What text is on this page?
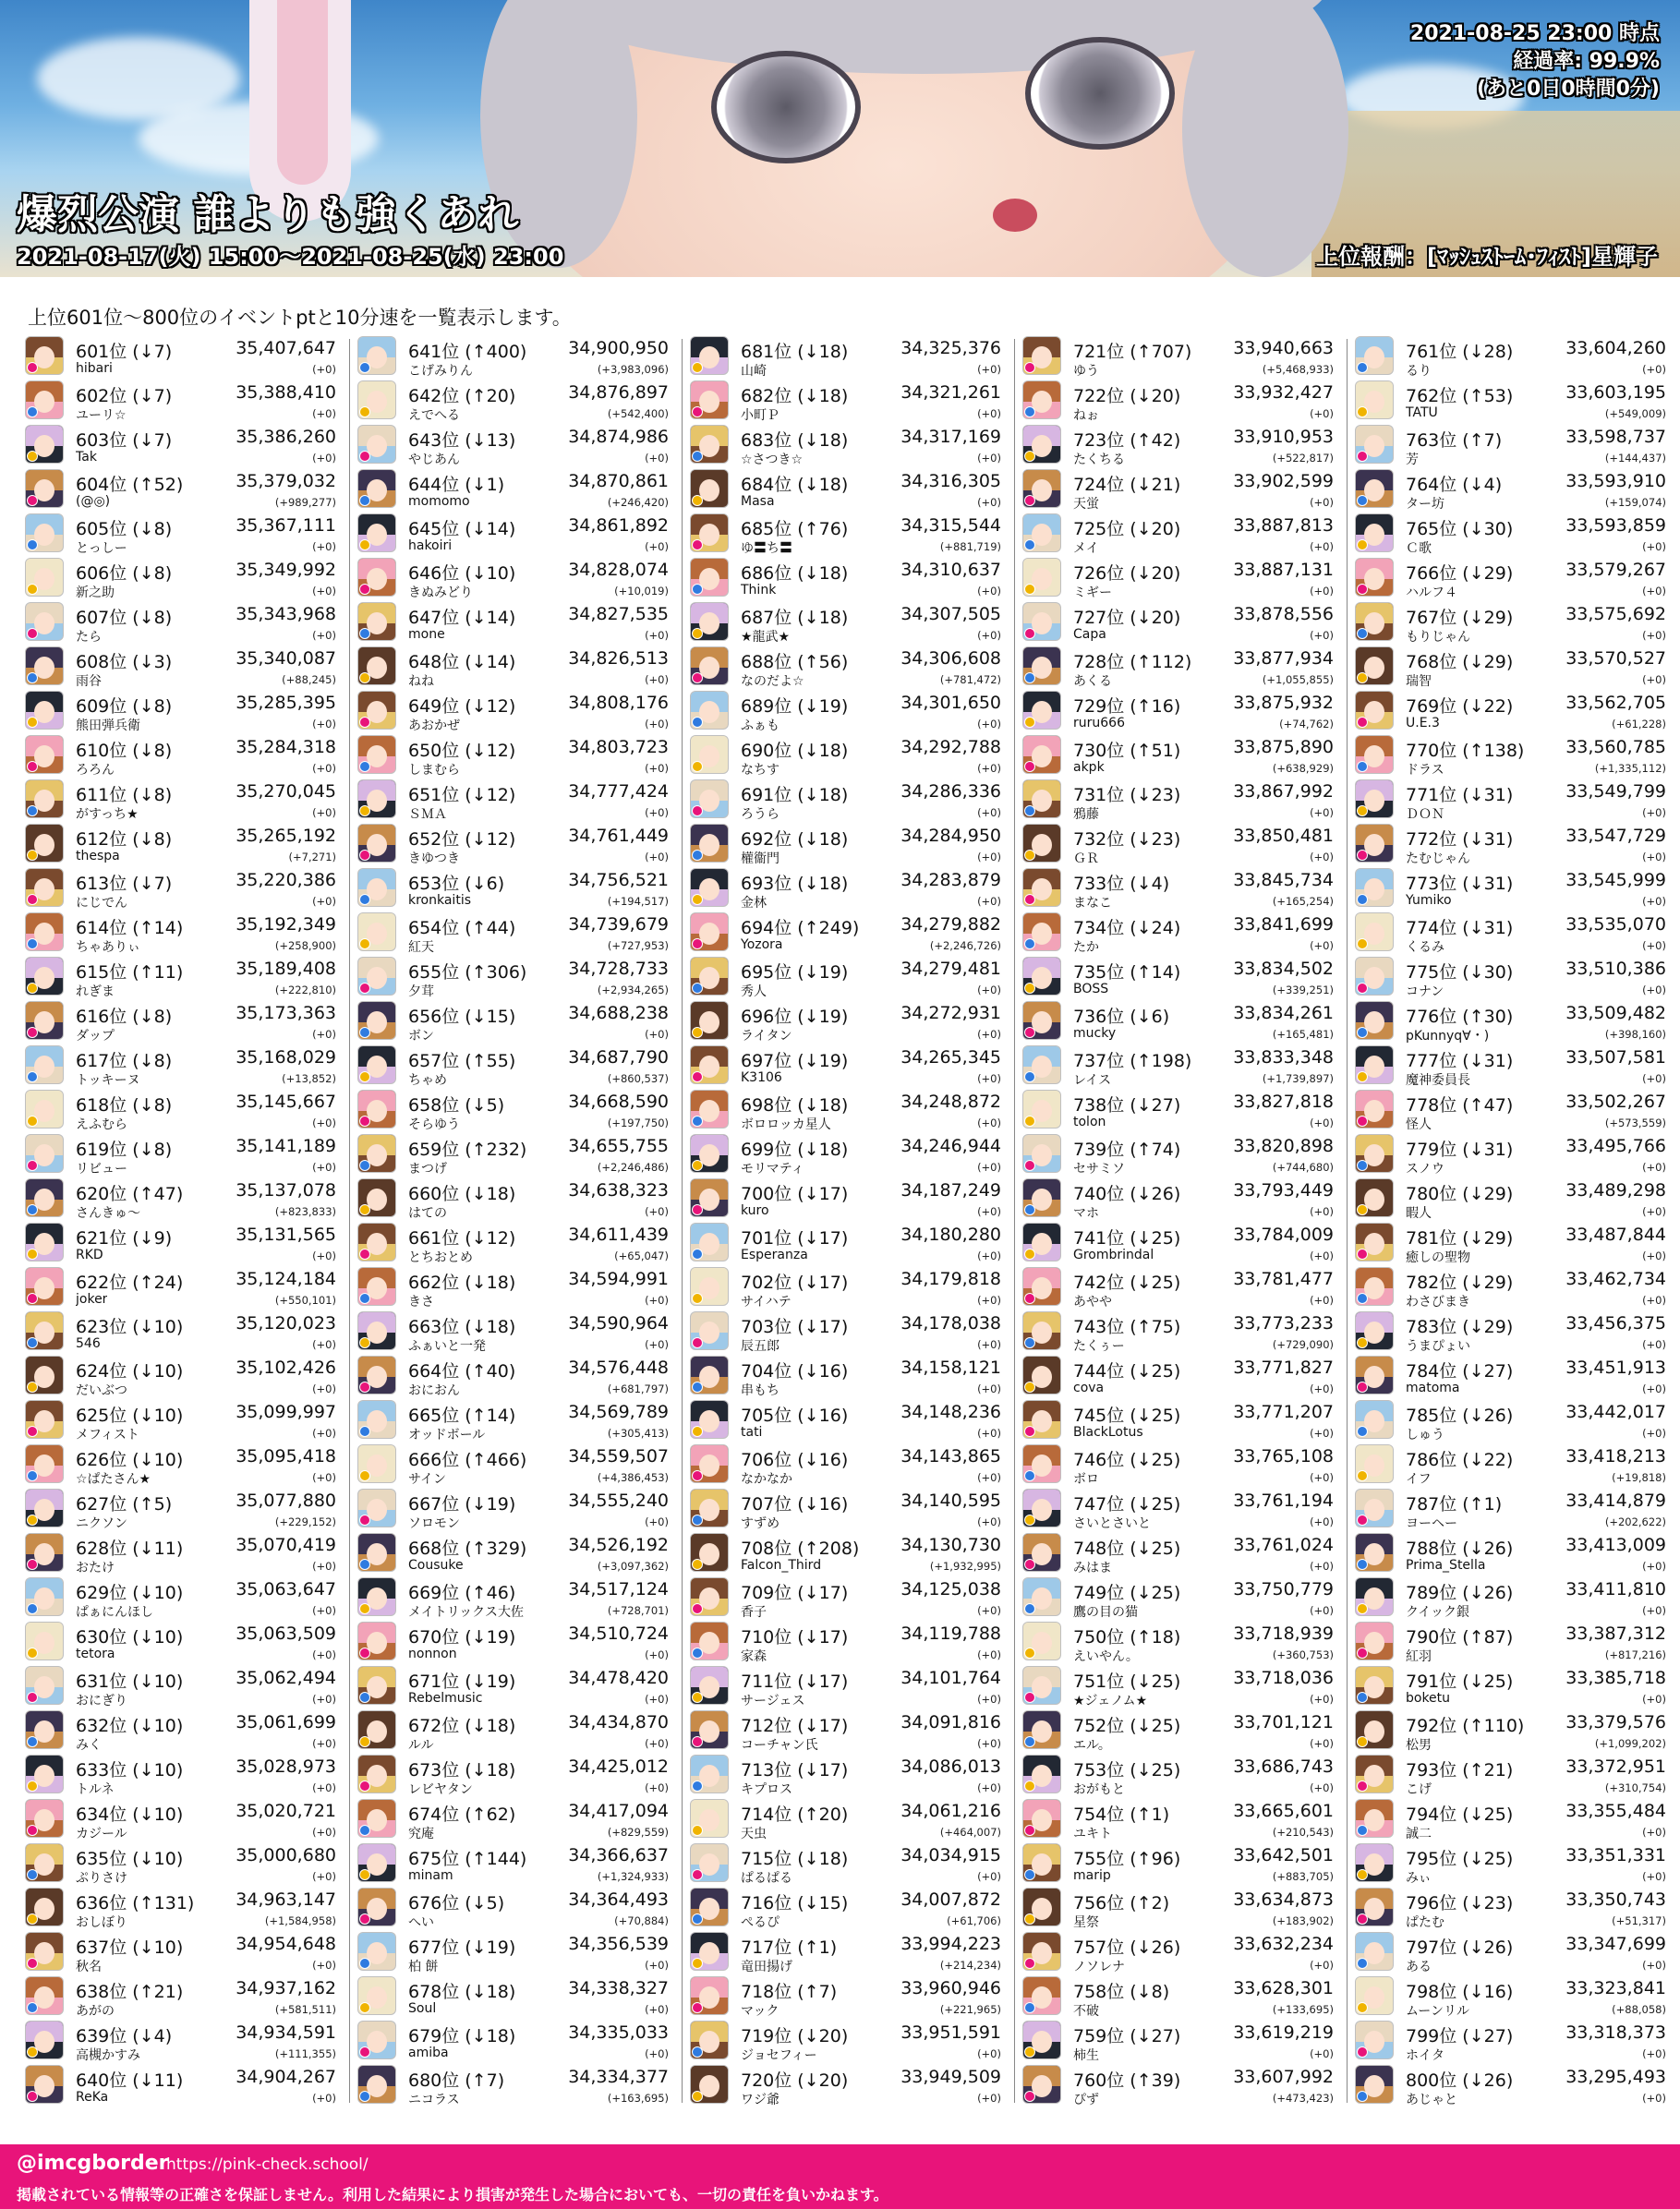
2021-08-25 23:00 時点
経過率: 99.9%
(あと0日0時間0分)
爆烈公演 誰よりも強くあれ
2021-08-17(火) 15:00～2021-08-25(水) 23:00	上位報酬：[ﾏｯｼｭｽﾄｰﾑ･ﾌｨｽﾄ]星輝子
上位601位～800位のイベントptと10分速を一覧表示します。
601位 (↓7)
hibari
35,407,647
(+0)
602位 (↓7)
ユーリ☆
35,388,410
(+0)
603位 (↓7)
Tak
35,386,260
(+0)
604位 (↑52)
(@◎)
35,379,032
(+989,277)
605位 (↓8)
とっしー
35,367,111
(+0)
606位 (↓8)
新之助
35,349,992
(+0)
607位 (↓8)
たら
35,343,968
(+0)
608位 (↓3)
雨谷
35,340,087
(+88,245)
609位 (↓8)
熊田弾兵衛
35,285,395
(+0)
610位 (↓8)
ろろん
35,284,318
(+0)
611位 (↓8)
がすっち★
35,270,045
(+0)
612位 (↓8)
thespa
35,265,192
(+7,271)
613位 (↓7)
にじでん
35,220,386
(+0)
614位 (↑14)
ちゃありぃ
35,192,349
(+258,900)
615位 (↑11)
れぎま
35,189,408
(+222,810)
616位 (↓8)
ダップ
35,173,363
(+0)
617位 (↓8)
トッキーヌ
35,168,029
(+13,852)
618位 (↓8)
えふむら
35,145,667
(+0)
619位 (↓8)
リビュー
35,141,189
(+0)
620位 (↑47)
さんきゅ～
35,137,078
(+823,833)
621位 (↓9)
RKD
35,131,565
(+0)
622位 (↑24)
joker
35,124,184
(+550,101)
623位 (↓10)
546
35,120,023
(+0)
624位 (↓10)
だいぶつ
35,102,426
(+0)
625位 (↓10)
メフィスト
35,099,997
(+0)
626位 (↓10)
☆ぱたさん★
35,095,418
(+0)
627位 (↑5)
ニクソン
35,077,880
(+229,152)
628位 (↓11)
おたけ
35,070,419
(+0)
629位 (↓10)
ぱぁにんほし
35,063,647
(+0)
630位 (↓10)
tetora
35,063,509
(+0)
631位 (↓10)
おにぎり
35,062,494
(+0)
632位 (↓10)
みく
35,061,699
(+0)
633位 (↓10)
トルネ
35,028,973
(+0)
634位 (↓10)
カジール
35,020,721
(+0)
635位 (↓10)
ぷりさけ
35,000,680
(+0)
636位 (↑131)
おしぼり
34,963,147
(+1,584,958)
637位 (↓10)
秋名
34,954,648
(+0)
638位 (↑21)
あがの
34,937,162
(+581,511)
639位 (↓4)
高槻かすみ
34,934,591
(+111,355)
640位 (↓11)
ReKa
34,904,267
(+0)
641位 (↑400)
こげみりん
34,900,950
(+3,983,096)
642位 (↑20)
えでへる
34,876,897
(+542,400)
643位 (↓13)
やじあん
34,874,986
(+0)
644位 (↓1)
momomo
34,870,861
(+246,420)
645位 (↓14)
hakoiri
34,861,892
(+0)
646位 (↓10)
きぬみどり
34,828,074
(+10,019)
647位 (↓14)
mone
34,827,535
(+0)
648位 (↓14)
ねね
34,826,513
(+0)
649位 (↓12)
あおかぜ
34,808,176
(+0)
650位 (↓12)
しまむら
34,803,723
(+0)
651位 (↓12)
ＳＭＡ
34,777,424
(+0)
652位 (↓12)
きゆつき
34,761,449
(+0)
653位 (↓6)
kronkaitis
34,756,521
(+194,517)
654位 (↑44)
紅天
34,739,679
(+727,953)
655位 (↑306)
夕茸
34,728,733
(+2,934,265)
656位 (↓15)
ボン
34,688,238
(+0)
657位 (↑55)
ちゃめ
34,687,790
(+860,537)
658位 (↓5)
そらゆう
34,668,590
(+197,750)
659位 (↑232)
まつげ
34,655,755
(+2,246,486)
660位 (↓18)
はての
34,638,323
(+0)
661位 (↓12)
とちおとめ
34,611,439
(+65,047)
662位 (↓18)
きさ
34,594,991
(+0)
663位 (↓18)
ふぁいと一発
34,590,964
(+0)
664位 (↑40)
おにおん
34,576,448
(+681,797)
665位 (↑14)
オッドボール
34,569,789
(+305,413)
666位 (↑466)
サイン
34,559,507
(+4,386,453)
667位 (↓19)
ソロモン
34,555,240
(+0)
668位 (↑329)
Cousuke
34,526,192
(+3,097,362)
669位 (↑46)
メイトリックス大佐
34,517,124
(+728,701)
670位 (↓19)
nonnon
34,510,724
(+0)
671位 (↓19)
Rebelmusic
34,478,420
(+0)
672位 (↓18)
ルル
34,434,870
(+0)
673位 (↓18)
レビヤタン
34,425,012
(+0)
674位 (↑62)
究庵
34,417,094
(+829,559)
675位 (↑144)
minam
34,366,637
(+1,324,933)
676位 (↓5)
へい
34,364,493
(+70,884)
677位 (↓19)
柏 餅
34,356,539
(+0)
678位 (↓18)
Soul
34,338,327
(+0)
679位 (↓18)
amiba
34,335,033
(+0)
680位 (↑7)
ニコラス
34,334,377
(+163,695)
681位 (↓18)
山崎
34,325,376
(+0)
682位 (↓18)
小町Ｐ
34,321,261
(+0)
683位 (↓18)
☆さつき☆
34,317,169
(+0)
684位 (↓18)
Masa
34,316,305
(+0)
685位 (↑76)
ゆ〓ち〓
34,315,544
(+881,719)
686位 (↓18)
Think
34,310,637
(+0)
687位 (↓18)
★龍武★
34,307,505
(+0)
688位 (↑56)
なのだよ☆
34,306,608
(+781,472)
689位 (↓19)
ふぁも
34,301,650
(+0)
690位 (↓18)
なちす
34,292,788
(+0)
691位 (↓18)
ろうら
34,286,336
(+0)
692位 (↓18)
權衞門
34,284,950
(+0)
693位 (↓18)
金林
34,283,879
(+0)
694位 (↑249)
Yozora
34,279,882
(+2,246,726)
695位 (↓19)
秀人
34,279,481
(+0)
696位 (↓19)
ライタン
34,272,931
(+0)
697位 (↓19)
K3106
34,265,345
(+0)
698位 (↓18)
ボロロッカ星人
34,248,872
(+0)
699位 (↓18)
モリマティ
34,246,944
(+0)
700位 (↓17)
kuro
34,187,249
(+0)
701位 (↓17)
Esperanza
34,180,280
(+0)
702位 (↓17)
サイハテ
34,179,818
(+0)
703位 (↓17)
辰五郎
34,178,038
(+0)
704位 (↓16)
串もち
34,158,121
(+0)
705位 (↓16)
tati
34,148,236
(+0)
706位 (↓16)
なかなか
34,143,865
(+0)
707位 (↓16)
すずめ
34,140,595
(+0)
708位 (↑208)
Falcon_Third
34,130,730
(+1,932,995)
709位 (↓17)
香子
34,125,038
(+0)
710位 (↓17)
家森
34,119,788
(+0)
711位 (↓17)
サージェス
34,101,764
(+0)
712位 (↓17)
コーチャン氏
34,091,816
(+0)
713位 (↓17)
キプロス
34,086,013
(+0)
714位 (↑20)
天虫
34,061,216
(+464,007)
715位 (↓18)
ぱるぱる
34,034,915
(+0)
716位 (↓15)
ぺるぴ
34,007,872
(+61,706)
717位 (↑1)
竜田揚げ
33,994,223
(+214,234)
718位 (↑7)
マック
33,960,946
(+221,965)
719位 (↓20)
ジョセフィー
33,951,591
(+0)
720位 (↓20)
ワジ爺
33,949,509
(+0)
721位 (↑707)
ゆう
33,940,663
(+5,468,933)
722位 (↓20)
ねぉ
33,932,427
(+0)
723位 (↑42)
たくちる
33,910,953
(+522,817)
724位 (↓21)
天蛍
33,902,599
(+0)
725位 (↓20)
メイ
33,887,813
(+0)
726位 (↓20)
ミギー
33,887,131
(+0)
727位 (↓20)
Capa
33,878,556
(+0)
728位 (↑112)
あくる
33,877,934
(+1,055,855)
729位 (↑16)
ruru666
33,875,932
(+74,762)
730位 (↑51)
akpk
33,875,890
(+638,929)
731位 (↓23)
鴉藤
33,867,992
(+0)
732位 (↓23)
ＧＲ
33,850,481
(+0)
733位 (↓4)
まなこ
33,845,734
(+165,254)
734位 (↓24)
たか
33,841,699
(+0)
735位 (↑14)
BOSS
33,834,502
(+339,251)
736位 (↓6)
mucky
33,834,261
(+165,481)
737位 (↑198)
レイス
33,833,348
(+1,739,897)
738位 (↓27)
tolon
33,827,818
(+0)
739位 (↑74)
セサミソ
33,820,898
(+744,680)
740位 (↓26)
マホ
33,793,449
(+0)
741位 (↓25)
Grombrindal
33,784,009
(+0)
742位 (↓25)
あやや
33,781,477
(+0)
743位 (↑75)
たくぅー
33,773,233
(+729,090)
744位 (↓25)
cova
33,771,827
(+0)
745位 (↓25)
BlackLotus
33,771,207
(+0)
746位 (↓25)
ボロ
33,765,108
(+0)
747位 (↓25)
さいとさいと
33,761,194
(+0)
748位 (↓25)
みはま
33,761,024
(+0)
749位 (↓25)
鷹の目の猫
33,750,779
(+0)
750位 (↑18)
えいやん。
33,718,939
(+360,753)
751位 (↓25)
★ジェノム★
33,718,036
(+0)
752位 (↓25)
エル。
33,701,121
(+0)
753位 (↓25)
おがもと
33,686,743
(+0)
754位 (↑1)
ユキト
33,665,601
(+210,543)
755位 (↑96)
marip
33,642,501
(+883,705)
756位 (↑2)
星祭
33,634,873
(+183,902)
757位 (↓26)
ノソレナ
33,632,234
(+0)
758位 (↓8)
不破
33,628,301
(+133,695)
759位 (↓27)
柿生
33,619,219
(+0)
760位 (↑39)
ぴず
33,607,992
(+473,423)
761位 (↓28)
るり
33,604,260
(+0)
762位 (↑53)
TATU
33,603,195
(+549,009)
763位 (↑7)
芳
33,598,737
(+144,437)
764位 (↓4)
ター坊
33,593,910
(+159,074)
765位 (↓30)
Ｃ歌
33,593,859
(+0)
766位 (↓29)
ハルフ４
33,579,267
(+0)
767位 (↓29)
もりじゃん
33,575,692
(+0)
768位 (↓29)
瑞智
33,570,527
(+0)
769位 (↓22)
U.E.3
33,562,705
(+61,228)
770位 (↑138)
ドラス
33,560,785
(+1,335,112)
771位 (↓31)
ＤＯＮ
33,549,799
(+0)
772位 (↓31)
たむじゃん
33,547,729
(+0)
773位 (↓31)
Yumiko
33,545,999
(+0)
774位 (↓31)
くるみ
33,535,070
(+0)
775位 (↓30)
コナン
33,510,386
(+0)
776位 (↑30)
pKunnyq∀・)
33,509,482
(+398,160)
777位 (↓31)
魔神委員長
33,507,581
(+0)
778位 (↑47)
怪人
33,502,267
(+573,559)
779位 (↓31)
スノウ
33,495,766
(+0)
780位 (↓29)
暇人
33,489,298
(+0)
781位 (↓29)
癒しの聖物
33,487,844
(+0)
782位 (↓29)
わさびまき
33,462,734
(+0)
783位 (↓29)
うまぴょい
33,456,375
(+0)
784位 (↓27)
matoma
33,451,913
(+0)
785位 (↓26)
しゅう
33,442,017
(+0)
786位 (↓22)
イフ
33,418,213
(+19,818)
787位 (↑1)
ヨーヘー
33,414,879
(+202,622)
788位 (↓26)
Prima_Stella
33,413,009
(+0)
789位 (↓26)
クイック銀
33,411,810
(+0)
790位 (↑87)
紅羽
33,387,312
(+817,216)
791位 (↓25)
boketu
33,385,718
(+0)
792位 (↑110)
松男
33,379,576
(+1,099,202)
793位 (↑21)
こげ
33,372,951
(+310,754)
794位 (↓25)
誠二
33,355,484
(+0)
795位 (↓25)
みぃ
33,351,331
(+0)
796位 (↓23)
ぱたむ
33,350,743
(+51,317)
797位 (↓26)
ある
33,347,699
(+0)
798位 (↓16)
ムーンリル
33,323,841
(+88,058)
799位 (↓27)
ホイタ
33,318,373
(+0)
800位 (↓26)
あじゃと
33,295,493
(+0)
@imcgborder
https://pink-check.school/
掲載されている情報等の正確さを保証しません。利用した結果により損害が発生した場合においても、一切の責任を負いかねます。
